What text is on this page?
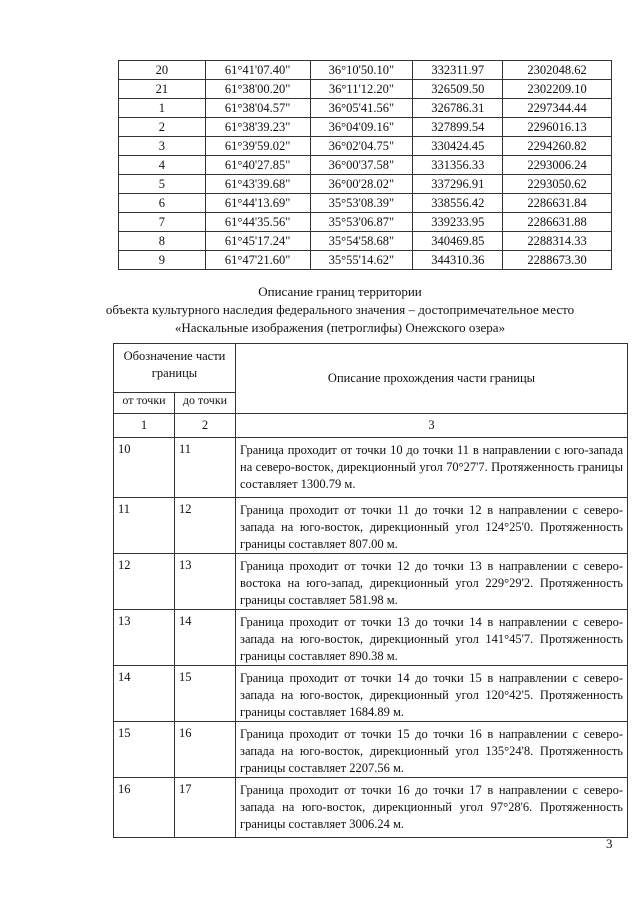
20	61°41'07.40"	36°10'50.10"	332311.97	2302048.62
21	61°38'00.20"	36°11'12.20"	326509.50	2302209.10
1	61°38'04.57"	36°05'41.56"	326786.31	2297344.44
2	61°38'39.23"	36°04'09.16"	327899.54	2296016.13
3	61°39'59.02"	36°02'04.75"	330424.45	2294260.82
4	61°40'27.85"	36°00'37.58"	331356.33	2293006.24
5	61°43'39.68"	36°00'28.02"	337296.91	2293050.62
6	61°44'13.69"	35°53'08.39"	338556.42	2286631.84
7	61°44'35.56"	35°53'06.87"	339233.95	2286631.88
8	61°45'17.24"	35°54'58.68"	340469.85	2288314.33
9	61°47'21.60"	35°55'14.62"	344310.36	2288673.30
Описание границ территории
объекта культурного наследия федерального значения – достопримечательное место
«Наскальные изображения (петроглифы) Онежского озера»
Обозначение части границы		Описание прохождения части границы
от точки	до точки	
1	2	3
10	11	Граница проходит от точки 10 до точки 11 в направлении с юго-запада на северо-восток, дирекционный угол 70°27'7. Протяженность границы составляет 1300.79 м.
11	12	Граница проходит от точки 11 до точки 12 в направлении с северо-запада на юго-восток, дирекционный угол 124°25'0. Протяженность границы составляет 807.00 м.
12	13	Граница проходит от точки 12 до точки 13 в направлении с северо-востока на юго-запад, дирекционный угол 229°29'2. Протяженность границы составляет 581.98 м.
13	14	Граница проходит от точки 13 до точки 14 в направлении с северо-запада на юго-восток, дирекционный угол 141°45'7. Протяженность границы составляет 890.38 м.
14	15	Граница проходит от точки 14 до точки 15 в направлении с северо-запада на юго-восток, дирекционный угол 120°42'5. Протяженность границы составляет 1684.89 м.
15	16	Граница проходит от точки 15 до точки 16 в направлении с северо-запада на юго-восток, дирекционный угол 135°24'8. Протяженность границы составляет 2207.56 м.
16	17	Граница проходит от точки 16 до точки 17 в направлении с северо-запада на юго-восток, дирекционный угол 97°28'6. Протяженность границы составляет 3006.24 м.
3
